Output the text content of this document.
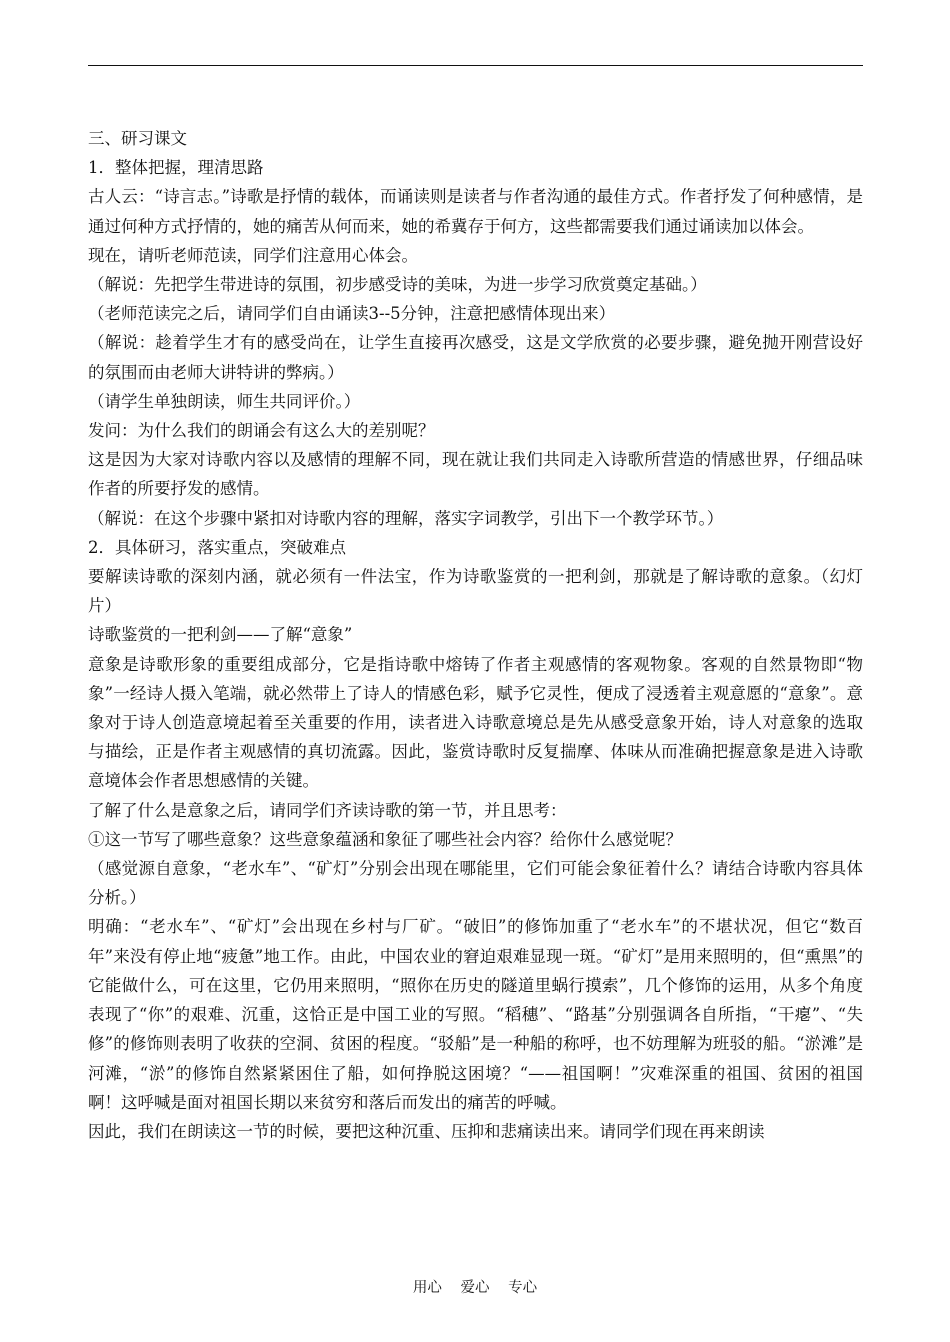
三、研习课文

1．整体把握，理清思路

古人云：“诗言志。”诗歌是抒情的载体，而诵读则是读者与作者沟通的最佳方式。作者抒发了何种感情，是通过何种方式抒情的，她的痛苦从何而来，她的希冀存于何方，这些都需要我们通过诵读加以体会。

现在，请听老师范读，同学们注意用心体会。

（解说：先把学生带进诗的氛围，初步感受诗的美味，为进一步学习欣赏奠定基础。）

（老师范读完之后，请同学们自由诵读3--5分钟，注意把感情体现出来）

（解说：趁着学生才有的感受尚在，让学生直接再次感受，这是文学欣赏的必要步骤，避免抛开刚营设好的氛围而由老师大讲特讲的弊病。）

（请学生单独朗读，师生共同评价。）

发问：为什么我们的朗诵会有这么大的差别呢？

这是因为大家对诗歌内容以及感情的理解不同，现在就让我们共同走入诗歌所营造的情感世界，仔细品味作者的所要抒发的感情。

（解说：在这个步骤中紧扣对诗歌内容的理解，落实字词教学，引出下一个教学环节。）

2．具体研习，落实重点，突破难点

要解读诗歌的深刻内涵，就必须有一件法宝，作为诗歌鉴赏的一把利剑，那就是了解诗歌的意象。（幻灯片）

诗歌鉴赏的一把利剑——了解“意象”

意象是诗歌形象的重要组成部分，它是指诗歌中熔铸了作者主观感情的客观物象。客观的自然景物即“物象”一经诗人摄入笔端，就必然带上了诗人的情感色彩，赋予它灵性，便成了浸透着主观意愿的“意象”。意象对于诗人创造意境起着至关重要的作用，读者进入诗歌意境总是先从感受意象开始，诗人对意象的选取与描绘，正是作者主观感情的真切流露。因此，鉴赏诗歌时反复揣摩、体味从而准确把握意象是进入诗歌意境体会作者思想感情的关键。

了解了什么是意象之后，请同学们齐读诗歌的第一节，并且思考：

①这一节写了哪些意象？这些意象蕴涵和象征了哪些社会内容？给你什么感觉呢？

（感觉源自意象，“老水车”、“矿灯”分别会出现在哪能里，它们可能会象征着什么？请结合诗歌内容具体分析。）

明确：“老水车”、“矿灯”会出现在乡村与厂矿。“破旧”的修饰加重了“老水车”的不堪状况，但它“数百年”来没有停止地“疲惫”地工作。由此，中国农业的窘迫艰难显现一斑。“矿灯”是用来照明的，但“熏黑”的它能做什么，可在这里，它仍用来照明，“照你在历史的隧道里蜗行摸索”，几个修饰的运用，从多个角度表现了“你”的艰难、沉重，这恰正是中国工业的写照。“稻穗”、“路基”分别强调各自所指，“干瘪”、“失修”的修饰则表明了收获的空洞、贫困的程度。“驳船”是一种船的称呼，也不妨理解为班驳的船。“淤滩”是河滩，“淤”的修饰自然紧紧困住了船，如何挣脱这困境？“——祖国啊！”灾难深重的祖国、贫困的祖国啊！这呼喊是面对祖国长期以来贫穷和落后而发出的痛苦的呼喊。

因此，我们在朗读这一节的时候，要把这种沉重、压抑和悲痛读出来。请同学们现在再来朗读

用心 爱心 专心
